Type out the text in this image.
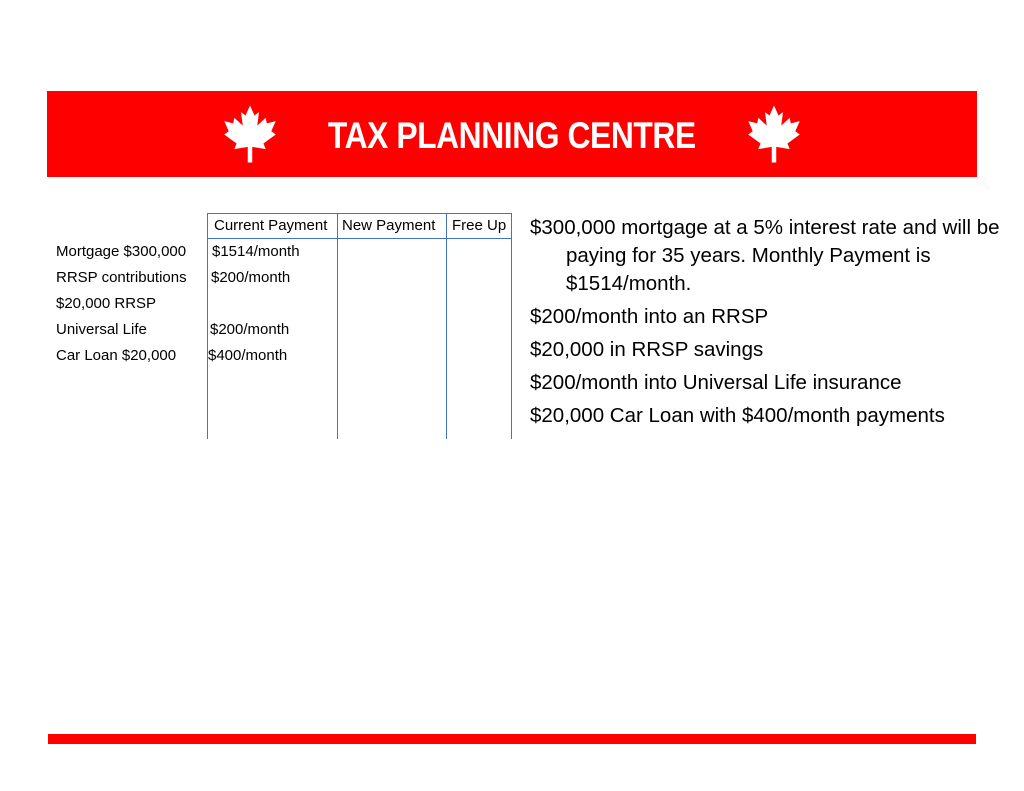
TAX PLANNING CENTRE
Current Payment New Payment Free Up
Mortgage $300,000
RRSP contributions
$20,000 RRSP
Universal Life
Car Loan $20,000
$1514/month
$200/month
$200/month
$400/month
$300,000 mortgage at a 5% interest rate and will be paying for 35 years. Monthly Payment is $1514/month.
$200/month into an RRSP
$20,000 in RRSP savings
$200/month into Universal Life insurance
$20,000 Car Loan with $400/month payments
